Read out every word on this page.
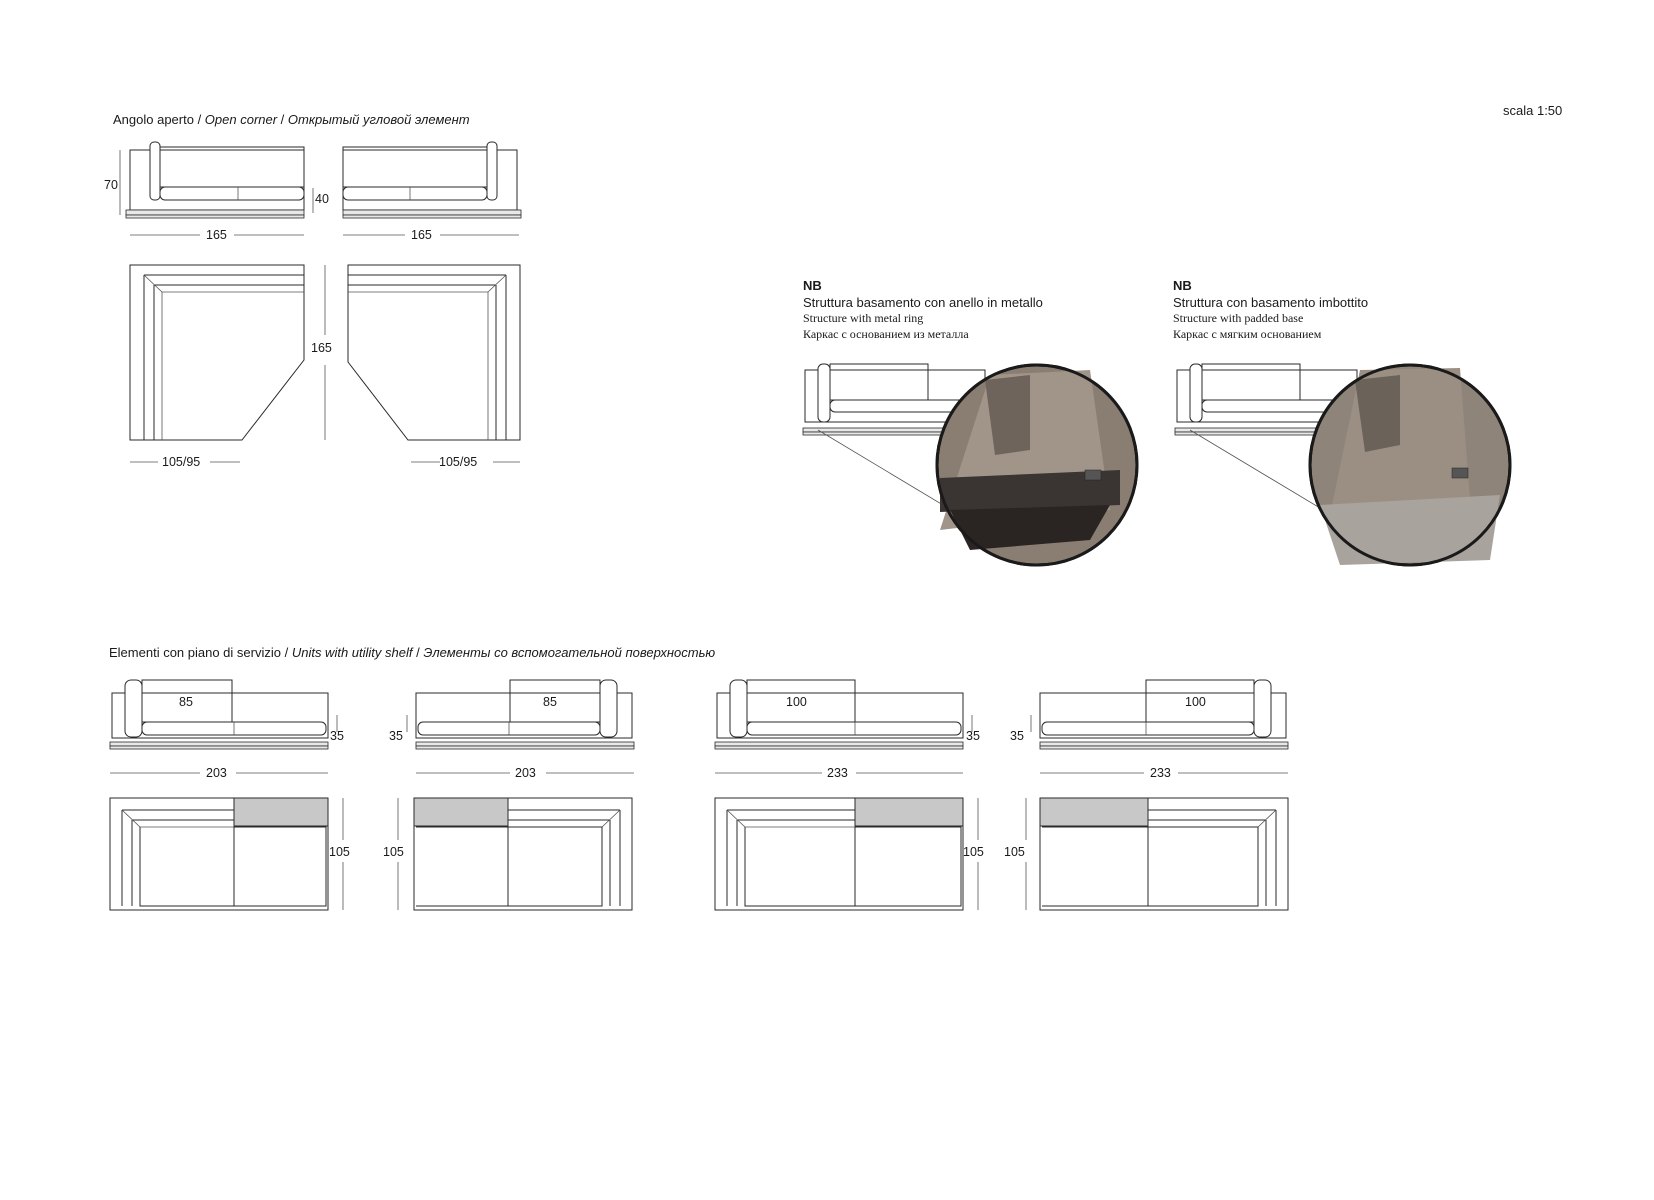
scala 1:50
Angolo aperto / Open corner / Открытый угловой элемент
70
40
165	165
165
105/95	105/95
NB
Struttura basamento con anello in metallo
Structure with metal ring
Каркас с основанием из металла
NB
Struttura con basamento imbottito
Structure with padded base
Каркас с мягким основанием
Elementi con piano di servizio / Units with utility shelf / Элементы со вспомогательной поверхностью
85
35
203
105
85
35
203
105
100
35
233
105
100
35
233
105
